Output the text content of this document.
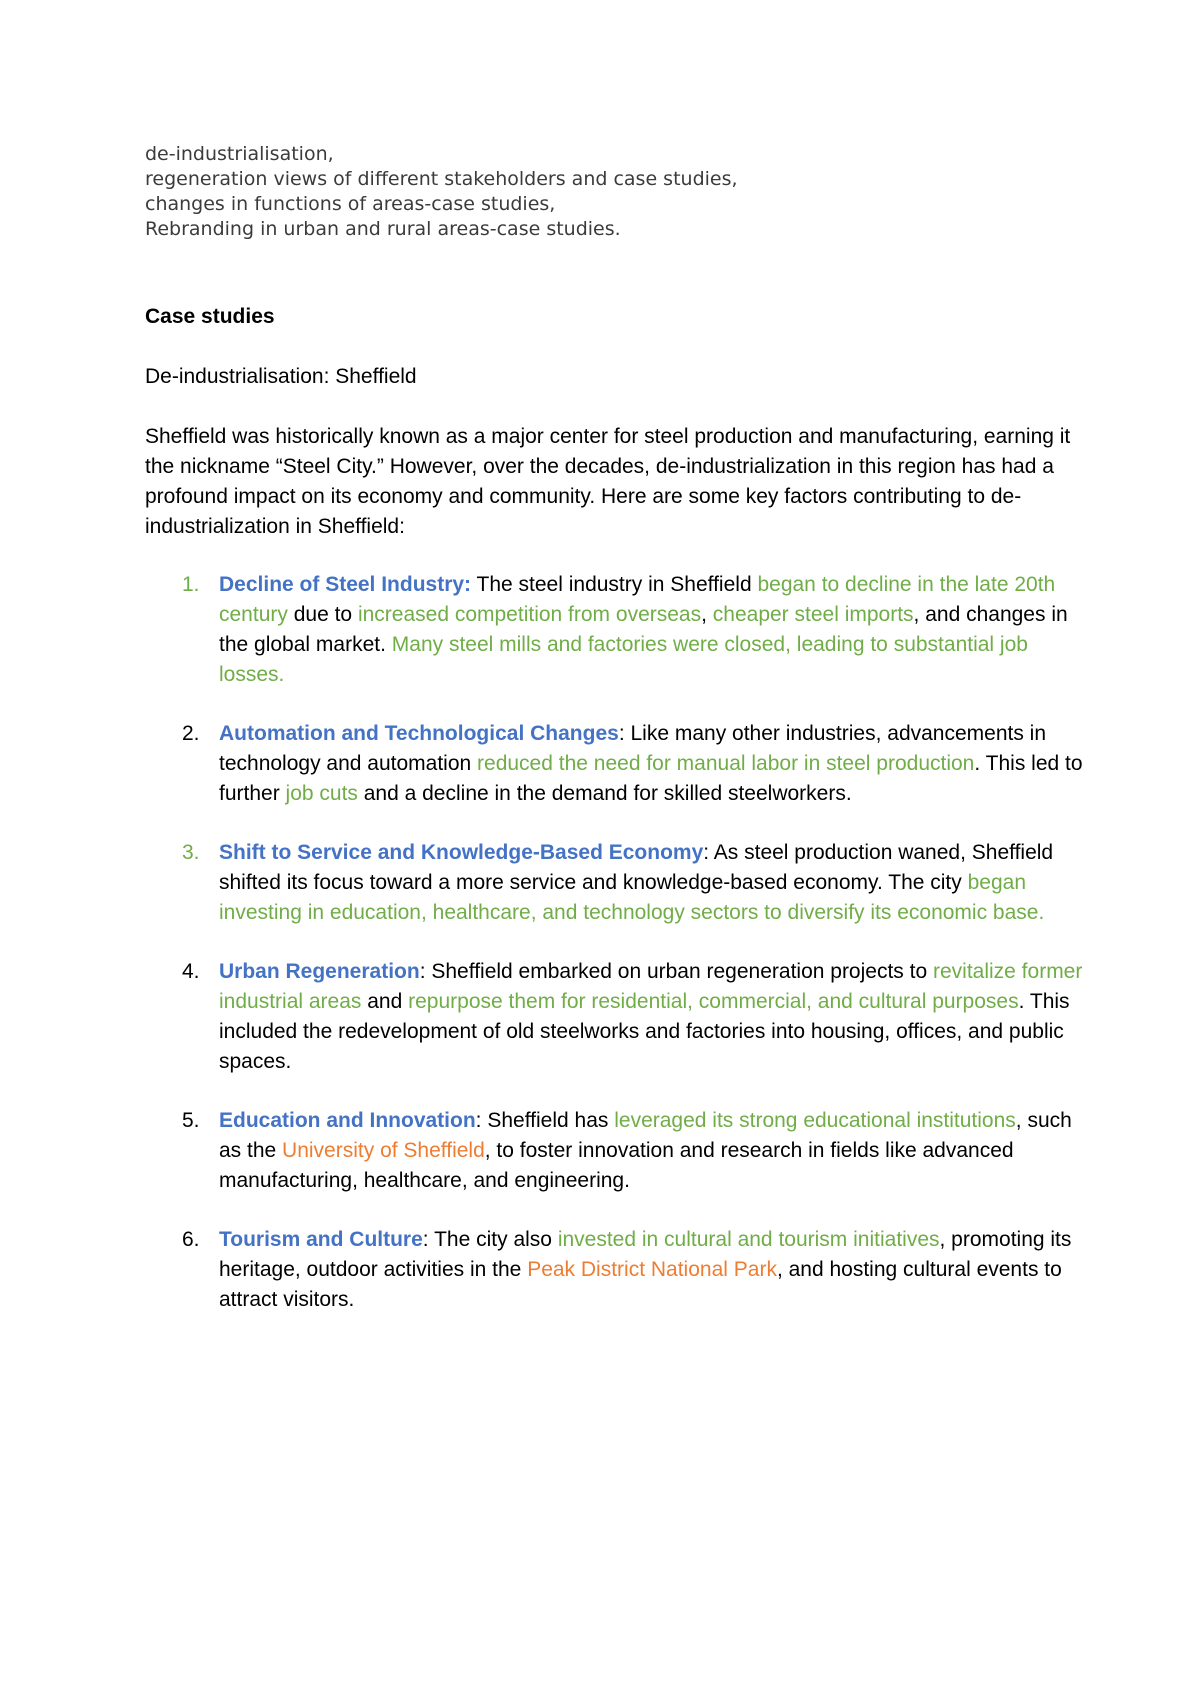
de-industrialisation,
regeneration views of different stakeholders and case studies,
changes in functions of areas-case studies,
Rebranding in urban and rural areas-case studies.
Case studies
De-industrialisation: Sheffield
Sheffield was historically known as a major center for steel production and manufacturing, earning it the nickname “Steel City.” However, over the decades, de-industrialization in this region has had a profound impact on its economy and community. Here are some key factors contributing to de-industrialization in Sheffield:
1. Decline of Steel Industry: The steel industry in Sheffield began to decline in the late 20th century due to increased competition from overseas, cheaper steel imports, and changes in the global market. Many steel mills and factories were closed, leading to substantial job losses.
2. Automation and Technological Changes: Like many other industries, advancements in technology and automation reduced the need for manual labor in steel production. This led to further job cuts and a decline in the demand for skilled steelworkers.
3. Shift to Service and Knowledge-Based Economy: As steel production waned, Sheffield shifted its focus toward a more service and knowledge-based economy. The city began investing in education, healthcare, and technology sectors to diversify its economic base.
4. Urban Regeneration: Sheffield embarked on urban regeneration projects to revitalize former industrial areas and repurpose them for residential, commercial, and cultural purposes. This included the redevelopment of old steelworks and factories into housing, offices, and public spaces.
5. Education and Innovation: Sheffield has leveraged its strong educational institutions, such as the University of Sheffield, to foster innovation and research in fields like advanced manufacturing, healthcare, and engineering.
6. Tourism and Culture: The city also invested in cultural and tourism initiatives, promoting its heritage, outdoor activities in the Peak District National Park, and hosting cultural events to attract visitors.
